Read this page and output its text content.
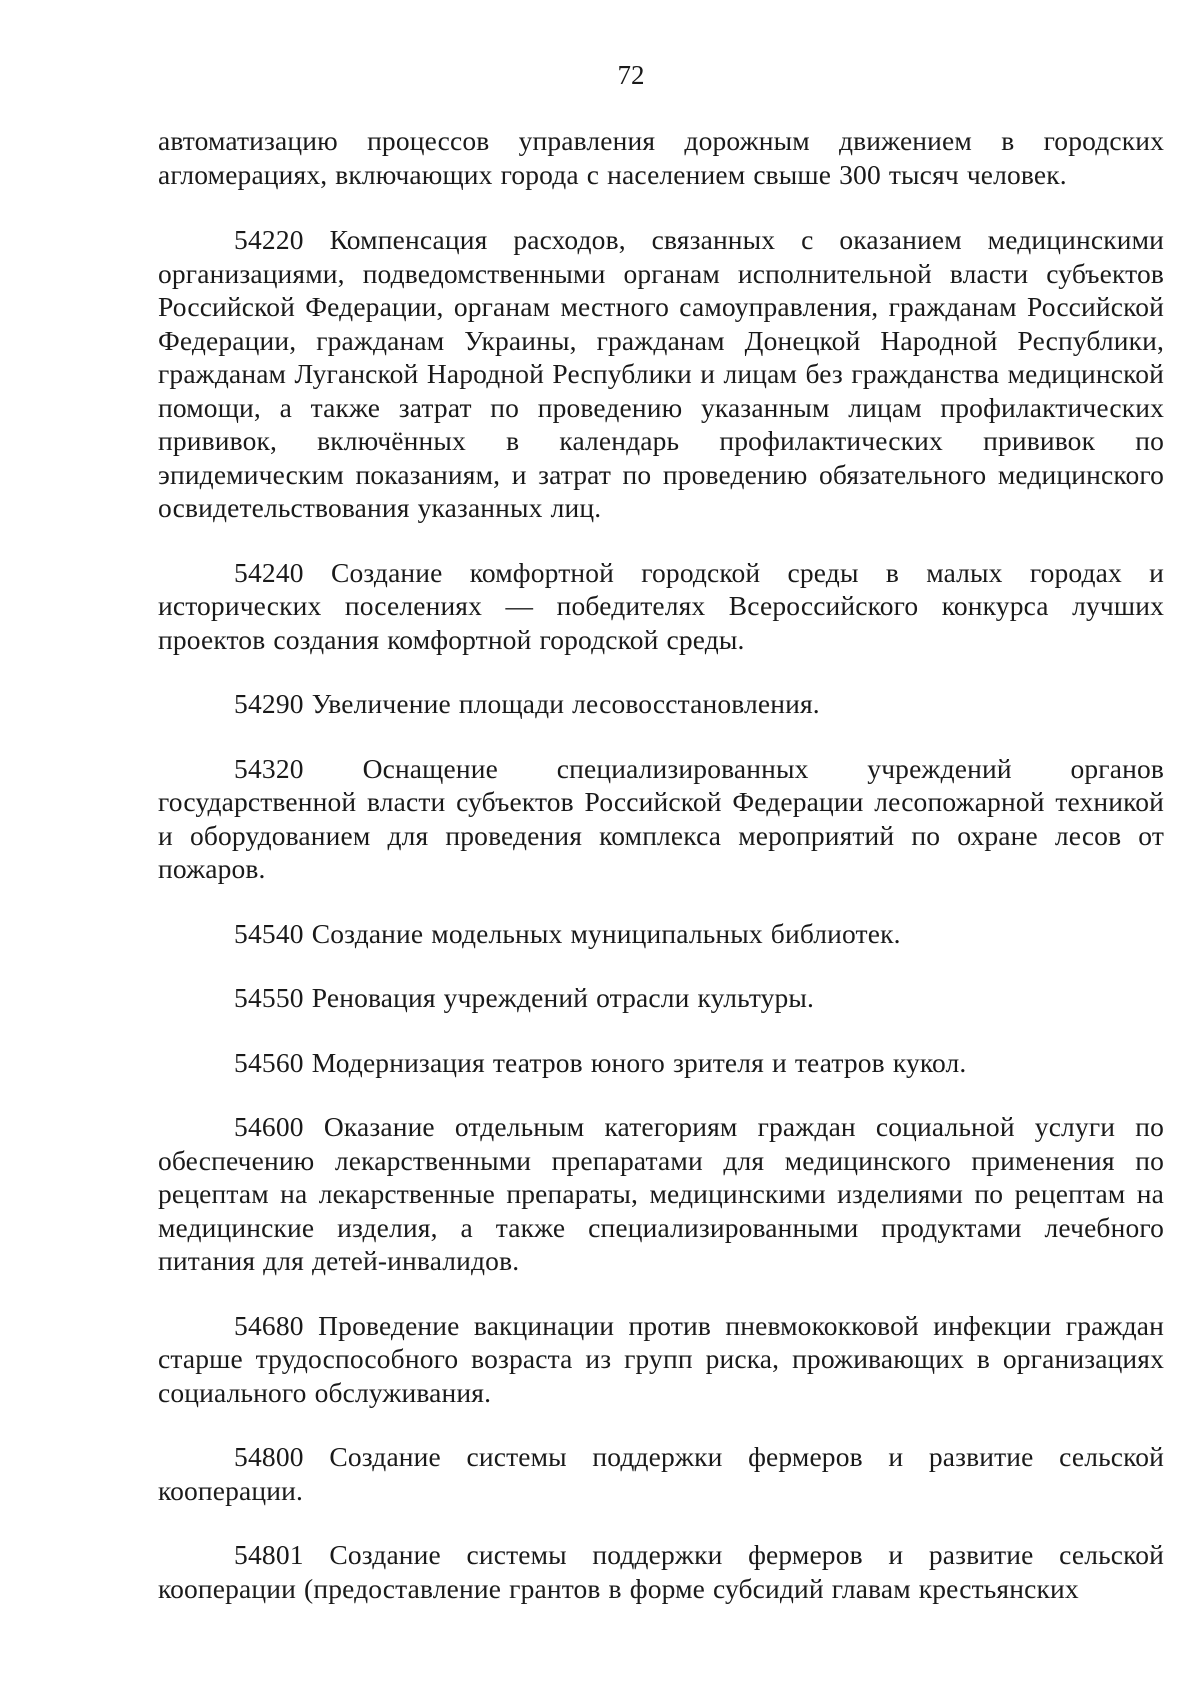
72

автоматизацию процессов управления дорожным движением в городских агломерациях, включающих города с населением свыше 300 тысяч человек.

54220 Компенсация расходов, связанных с оказанием медицинскими организациями, подведомственными органам исполнительной власти субъектов Российской Федерации, органам местного самоуправления, гражданам Российской Федерации, гражданам Украины, гражданам Донецкой Народной Республики, гражданам Луганской Народной Республики и лицам без гражданства медицинской помощи, а также затрат по проведению указанным лицам профилактических прививок, включённых в календарь профилактических прививок по эпидемическим показаниям, и затрат по проведению обязательного медицинского освидетельствования указанных лиц.

54240 Создание комфортной городской среды в малых городах и исторических поселениях — победителях Всероссийского конкурса лучших проектов создания комфортной городской среды.

54290 Увеличение площади лесовосстановления.

54320 Оснащение специализированных учреждений органов государственной власти субъектов Российской Федерации лесопожарной техникой и оборудованием для проведения комплекса мероприятий по охране лесов от пожаров.

54540 Создание модельных муниципальных библиотек.

54550 Реновация учреждений отрасли культуры.

54560 Модернизация театров юного зрителя и театров кукол.

54600 Оказание отдельным категориям граждан социальной услуги по обеспечению лекарственными препаратами для медицинского применения по рецептам на лекарственные препараты, медицинскими изделиями по рецептам на медицинские изделия, а также специализированными продуктами лечебного питания для детей-инвалидов.

54680 Проведение вакцинации против пневмококковой инфекции граждан старше трудоспособного возраста из групп риска, проживающих в организациях социального обслуживания.

54800 Создание системы поддержки фермеров и развитие сельской кооперации.

54801 Создание системы поддержки фермеров и развитие сельской кооперации (предоставление грантов в форме субсидий главам крестьянских
